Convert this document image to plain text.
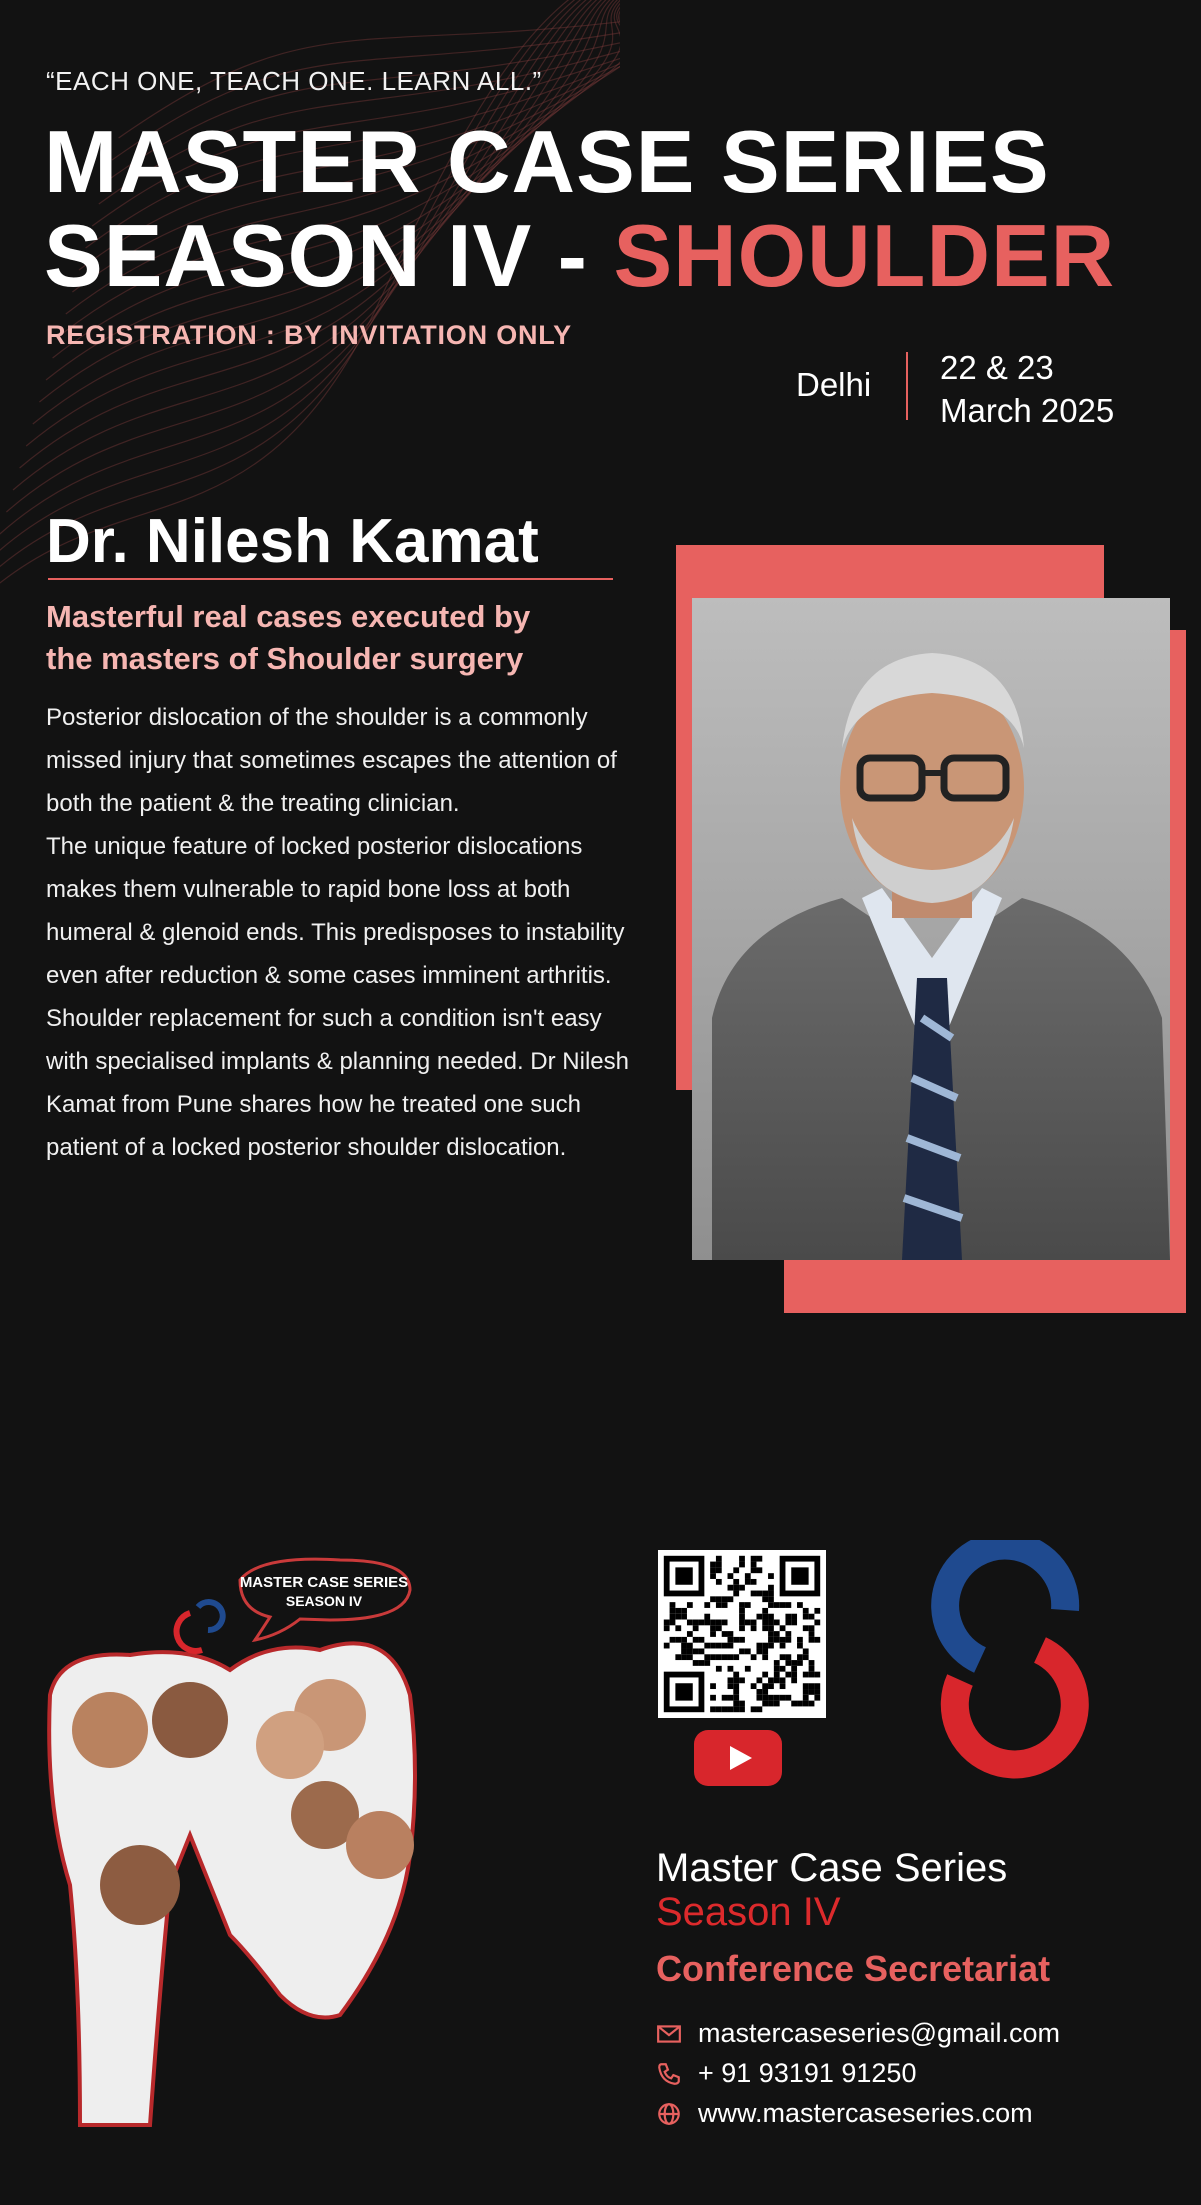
“EACH ONE, TEACH ONE. LEARN ALL.”
MASTER CASE SERIES
SEASON IV - SHOULDER
REGISTRATION : BY INVITATION ONLY
Delhi 22 & 23
March 2025
Dr. Nilesh Kamat
Masterful real cases executed by
the masters of Shoulder surgery

Posterior dislocation of the shoulder is a commonly missed injury that sometimes escapes the attention of both the patient & the treating clinician.

The unique feature of locked posterior dislocations makes them vulnerable to rapid bone loss at both humeral & glenoid ends. This predisposes to instability even after reduction & some cases imminent arthritis. Shoulder replacement for such a condition isn't easy with specialised implants & planning needed. Dr Nilesh Kamat from Pune shares how he treated one such patient of a locked posterior shoulder dislocation.

MASTER CASE SERIES
SEASON IV
Master Case Series
Season IV
Conference Secretariat
mastercaseseries@gmail.com
+ 91 93191 91250
www.mastercaseseries.com
